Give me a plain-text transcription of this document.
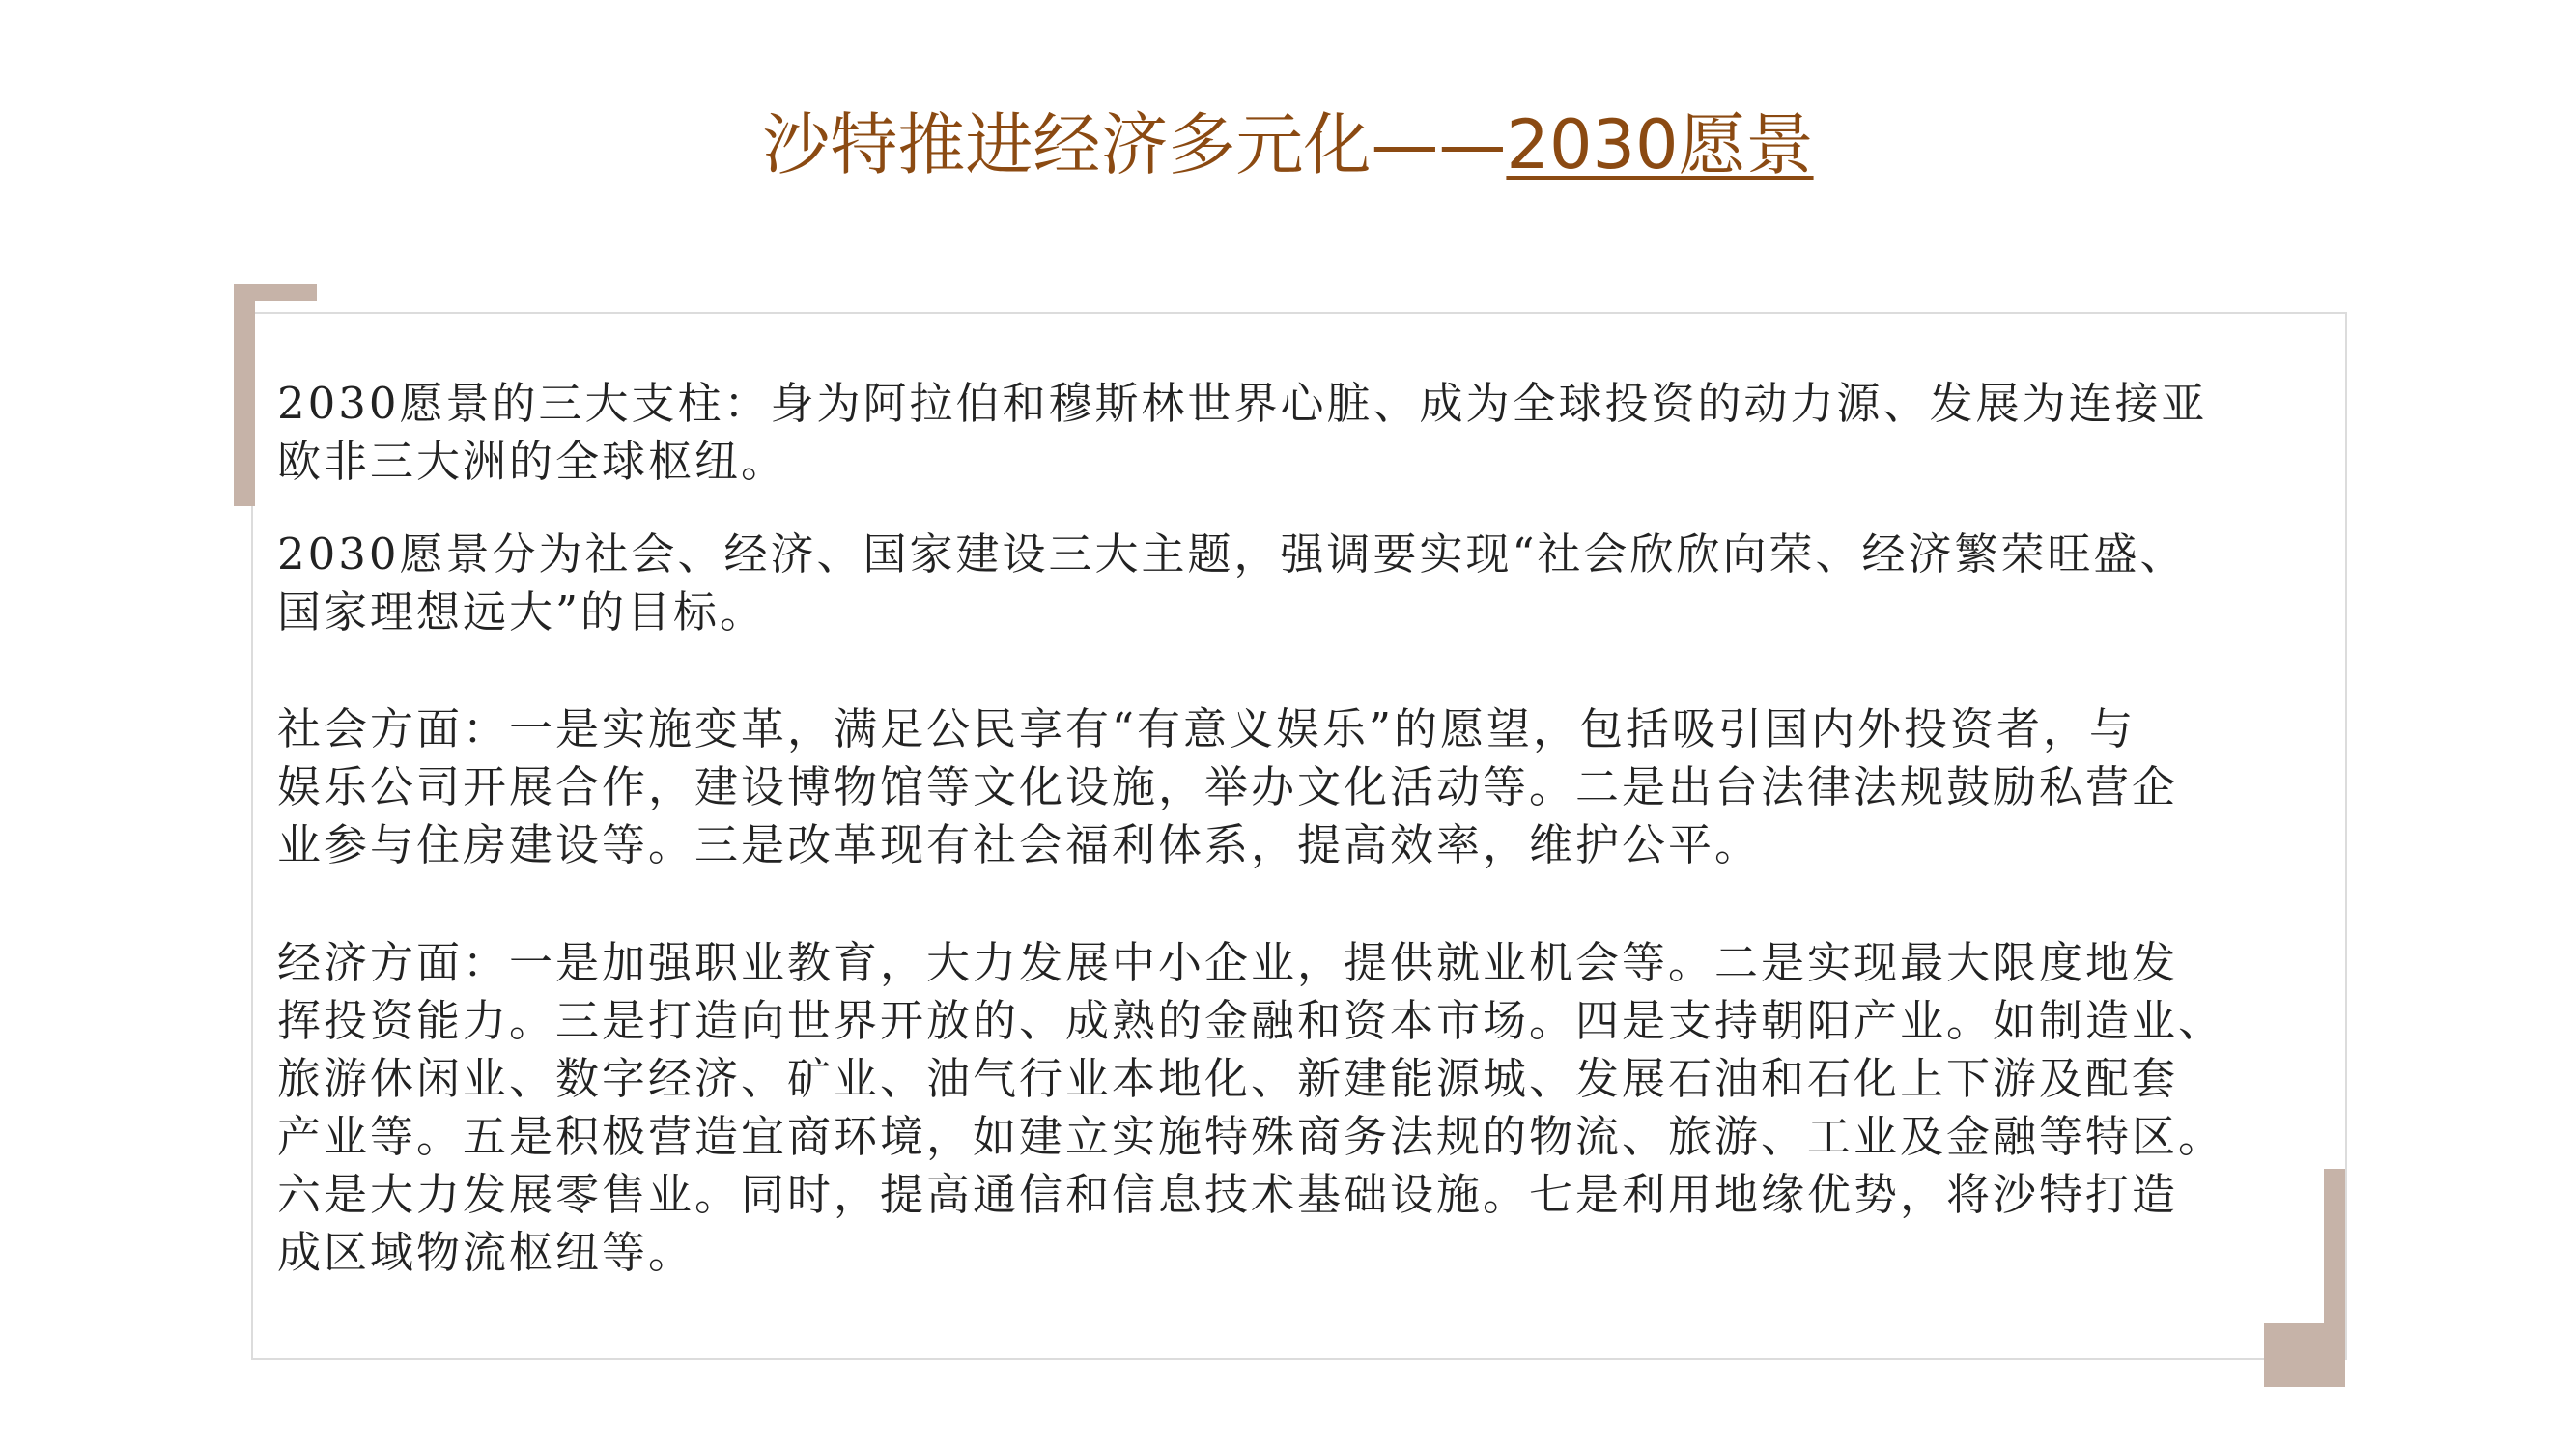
沙特推进经济多元化——2030愿景

2030愿景的三大支柱：身为阿拉伯和穆斯林世界心脏、成为全球投资的动力源、发展为连接亚
欧非三大洲的全球枢纽。

2030愿景分为社会、经济、国家建设三大主题，强调要实现“社会欣欣向荣、经济繁荣旺盛、
国家理想远大”的目标。

社会方面：一是实施变革，满足公民享有“有意义娱乐”的愿望，包括吸引国内外投资者，与
娱乐公司开展合作，建设博物馆等文化设施，举办文化活动等。二是出台法律法规鼓励私营企
业参与住房建设等。三是改革现有社会福利体系，提高效率，维护公平。

经济方面：一是加强职业教育，大力发展中小企业，提供就业机会等。二是实现最大限度地发
挥投资能力。三是打造向世界开放的、成熟的金融和资本市场。四是支持朝阳产业。如制造业、
旅游休闲业、数字经济、矿业、油气行业本地化、新建能源城、发展石油和石化上下游及配套
产业等。五是积极营造宜商环境，如建立实施特殊商务法规的物流、旅游、工业及金融等特区。
六是大力发展零售业。同时，提高通信和信息技术基础设施。七是利用地缘优势，将沙特打造
成区域物流枢纽等。
